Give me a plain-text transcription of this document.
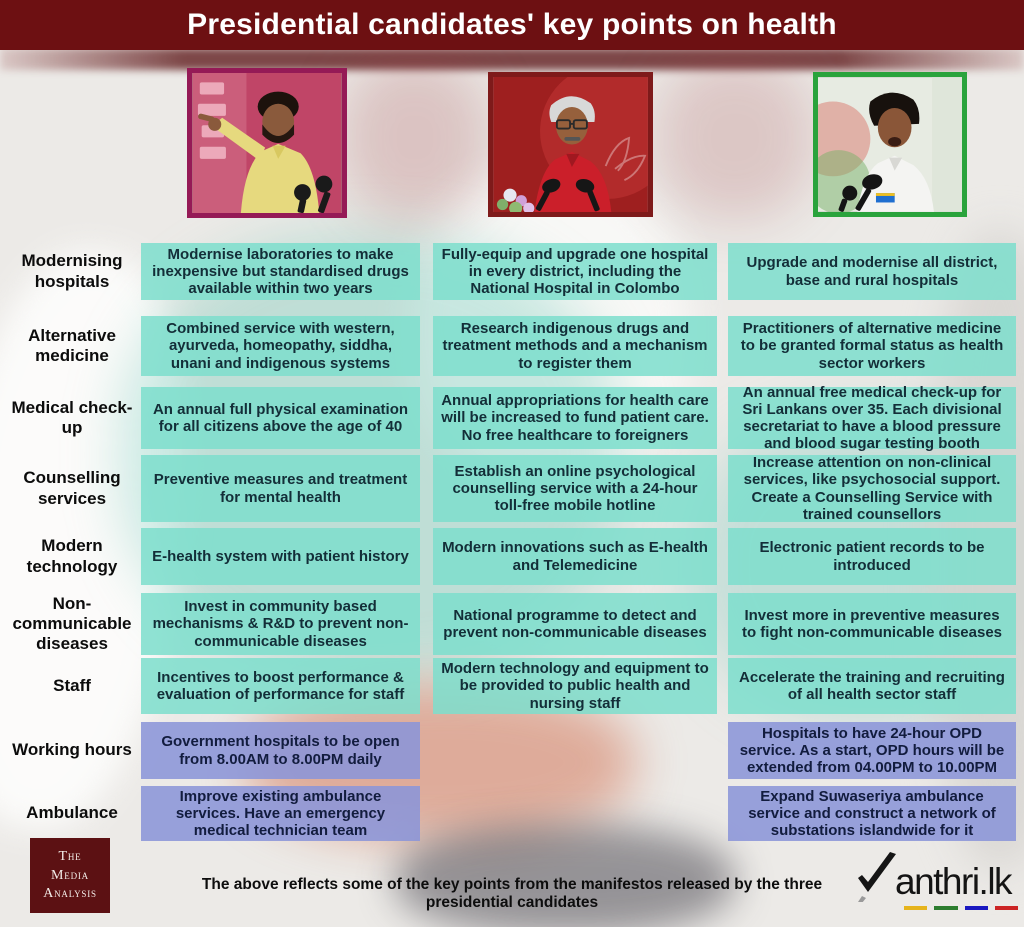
Presidential candidates' key points on health
Modernising hospitals
Modernise laboratories to make inexpensive but standardised drugs available within two years
Fully-equip and upgrade one hospital in every district, including the National Hospital in Colombo
Upgrade and modernise all district, base and rural hospitals
Alternative medicine
Combined service with western, ayurveda, homeopathy, siddha, unani and indigenous systems
Research indigenous drugs and treatment methods and a mechanism to register them
Practitioners of alternative medicine to be granted formal status as health sector workers
Medical check-up
An annual full physical examination for all citizens above the age of 40
Annual appropriations for health care will be increased to fund patient care. No free healthcare to foreigners
An annual free medical check-up for Sri Lankans over 35. Each divisional secretariat to have a blood pressure and blood sugar testing booth
Counselling services
Preventive measures and treatment for mental health
Establish an online psychological counselling service with a 24-hour toll-free mobile hotline
Increase attention on non-clinical services, like psychosocial support. Create a Counselling Service with trained counsellors
Modern technology
E-health system with patient history
Modern innovations such as E-health and Telemedicine
Electronic patient records to be introduced
Non-communicable diseases
Invest in community based mechanisms & R&D to prevent non-communicable diseases
National programme to detect and prevent non-communicable diseases
Invest more in preventive measures to fight non-communicable diseases
Staff	Incentives to boost performance & evaluation of performance for staff
Modern technology and equipment to be provided to public health and nursing staff
Accelerate the training and recruiting of all health sector staff
Working hours	Government hospitals to be open from 8.00AM to 8.00PM daily
Hospitals to have 24-hour OPD service. As a start, OPD hours will be extended from 04.00PM to 10.00PM
Ambulance
Improve existing ambulance services. Have an emergency medical technician team
Expand Suwaseriya ambulance service and construct a network of substations islandwide for it
THE
MEDIA
ANALYSIS
The above reflects some of the key points from the manifestos released by the three presidential candidates
anthri.lk
